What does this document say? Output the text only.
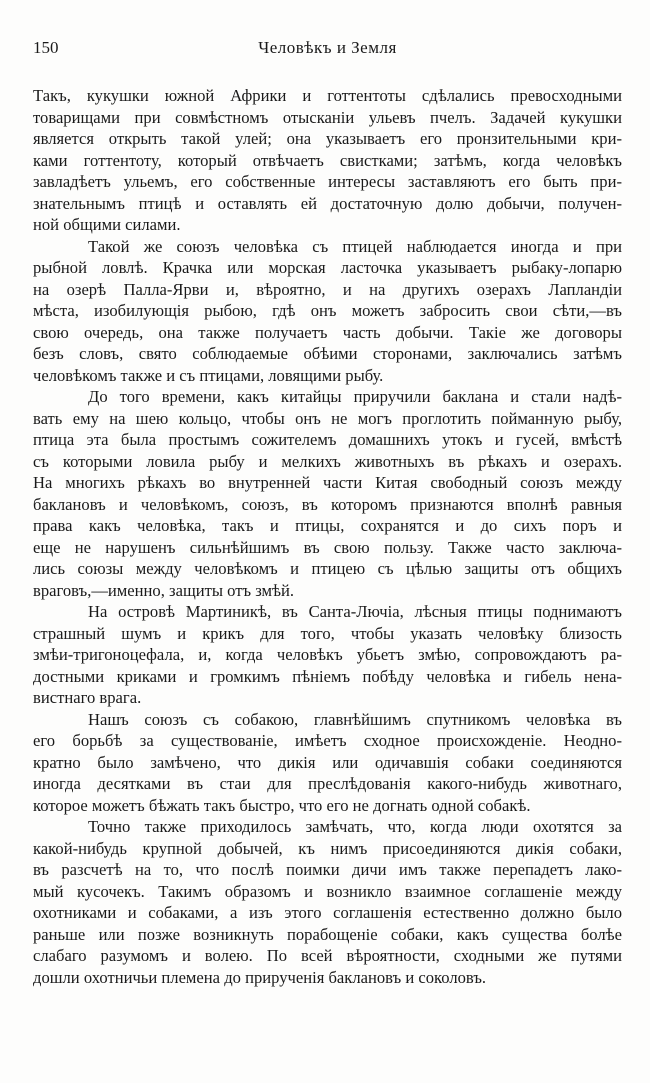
150	Человѣкъ и Земля
Такъ, кукушки южной Африки и готтентоты сдѣлались превосходными
товарищами при совмѣстномъ отысканіи ульевъ пчелъ. Задачей кукушки
является открыть такой улей; она указываетъ его пронзительными кри-
ками готтентоту, который отвѣчаетъ свистками; затѣмъ, когда человѣкъ
завладѣетъ ульемъ, его собственные интересы заставляютъ его быть при-
знательнымъ птицѣ и оставлять ей достаточную долю добычи, получен-
ной общими силами.
Такой же союзъ человѣка съ птицей наблюдается иногда и при
рыбной ловлѣ. Крачка или морская ласточка указываетъ рыбаку-лопарю
на озерѣ Палла-Ярви и, вѣроятно, и на другихъ озерахъ Лапландіи
мѣста, изобилующія рыбою, гдѣ онъ можетъ забросить свои сѣти,—въ
свою очередь, она также получаетъ часть добычи. Такіе же договоры
безъ словъ, свято соблюдаемые обѣими сторонами, заключались затѣмъ
человѣкомъ также и съ птицами, ловящими рыбу.
До того времени, какъ китайцы приручили баклана и стали надѣ-
вать ему на шею кольцо, чтобы онъ не могъ проглотить пойманную рыбу,
птица эта была простымъ сожителемъ домашнихъ утокъ и гусей, вмѣстѣ
съ которыми ловила рыбу и мелкихъ животныхъ въ рѣкахъ и озерахъ.
На многихъ рѣкахъ во внутренней части Китая свободный союзъ между
баклановъ и человѣкомъ, союзъ, въ которомъ признаются вполнѣ равныя
права какъ человѣка, такъ и птицы, сохранятся и до сихъ поръ и
еще не нарушенъ сильнѣйшимъ въ свою пользу. Также часто заключа-
лись союзы между человѣкомъ и птицею съ цѣлью защиты отъ общихъ
враговъ,—именно, защиты отъ змѣй.
На островѣ Мартиникѣ, въ Санта-Лючіа, лѣсныя птицы поднимаютъ
страшный шумъ и крикъ для того, чтобы указать человѣку близость
змѣи-тригоноцефала, и, когда человѣкъ убьетъ змѣю, сопровождаютъ ра-
достными криками и громкимъ пѣніемъ побѣду человѣка и гибель нена-
вистнаго врага.
Нашъ союзъ съ собакою, главнѣйшимъ спутникомъ человѣка въ
его борьбѣ за существованіе, имѣетъ сходное происхожденіе. Неодно-
кратно было замѣчено, что дикія или одичавшія собаки соединяются
иногда десятками въ стаи для преслѣдованія какого-нибудь животнаго,
которое можетъ бѣжать такъ быстро, что его не догнать одной собакѣ.
Точно также приходилось замѣчать, что, когда люди охотятся за
какой-нибудь крупной добычей, къ нимъ присоединяются дикія собаки,
въ разсчетѣ на то, что послѣ поимки дичи имъ также перепадетъ лако-
мый кусочекъ. Такимъ образомъ и возникло взаимное соглашеніе между
охотниками и собаками, а изъ этого соглашенія естественно должно было
раньше или позже возникнуть порабощеніе собаки, какъ существа болѣе
слабаго разумомъ и волею. По всей вѣроятности, сходными же путями
дошли охотничьи племена до прирученія баклановъ и соколовъ.
